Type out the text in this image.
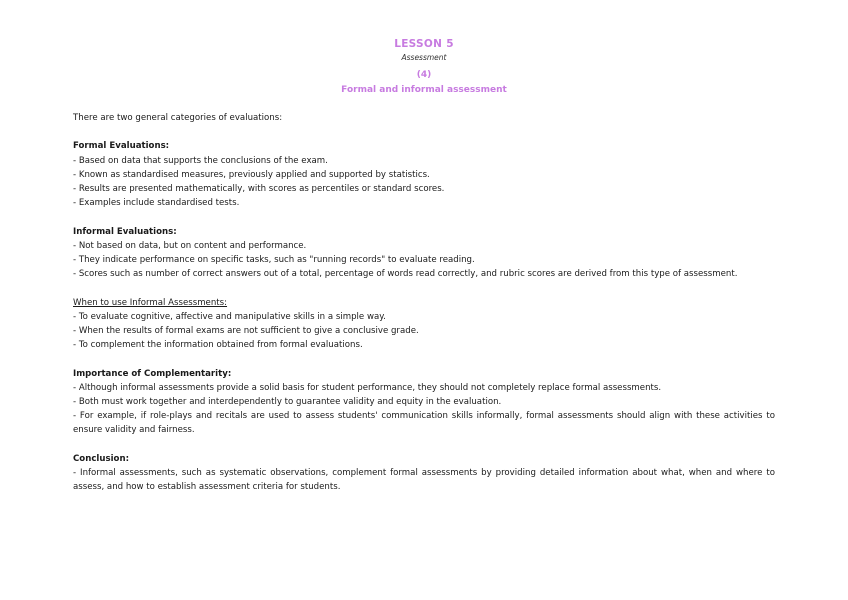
LESSON 5
Assessment
(4)
Formal and informal assessment

There are two general categories of evaluations:

Formal Evaluations:

- Based on data that supports the conclusions of the exam.

- Known as standardised measures, previously applied and supported by statistics.

- Results are presented mathematically, with scores as percentiles or standard scores.

- Examples include standardised tests.

Informal Evaluations:

- Not based on data, but on content and performance.

- They indicate performance on specific tasks, such as "running records" to evaluate reading.

- Scores such as number of correct answers out of a total, percentage of words read correctly, and rubric scores are derived from this type of assessment.

When to use Informal Assessments:

- To evaluate cognitive, affective and manipulative skills in a simple way.

- When the results of formal exams are not sufficient to give a conclusive grade.

- To complement the information obtained from formal evaluations.

Importance of Complementarity:

- Although informal assessments provide a solid basis for student performance, they should not completely replace formal assessments.

- Both must work together and interdependently to guarantee validity and equity in the evaluation.

- For example, if role-plays and recitals are used to assess students' communication skills informally, formal assessments should align with these activities to ensure validity and fairness.

Conclusion:

- Informal assessments, such as systematic observations, complement formal assessments by providing detailed information about what, when and where to assess, and how to establish assessment criteria for students.
